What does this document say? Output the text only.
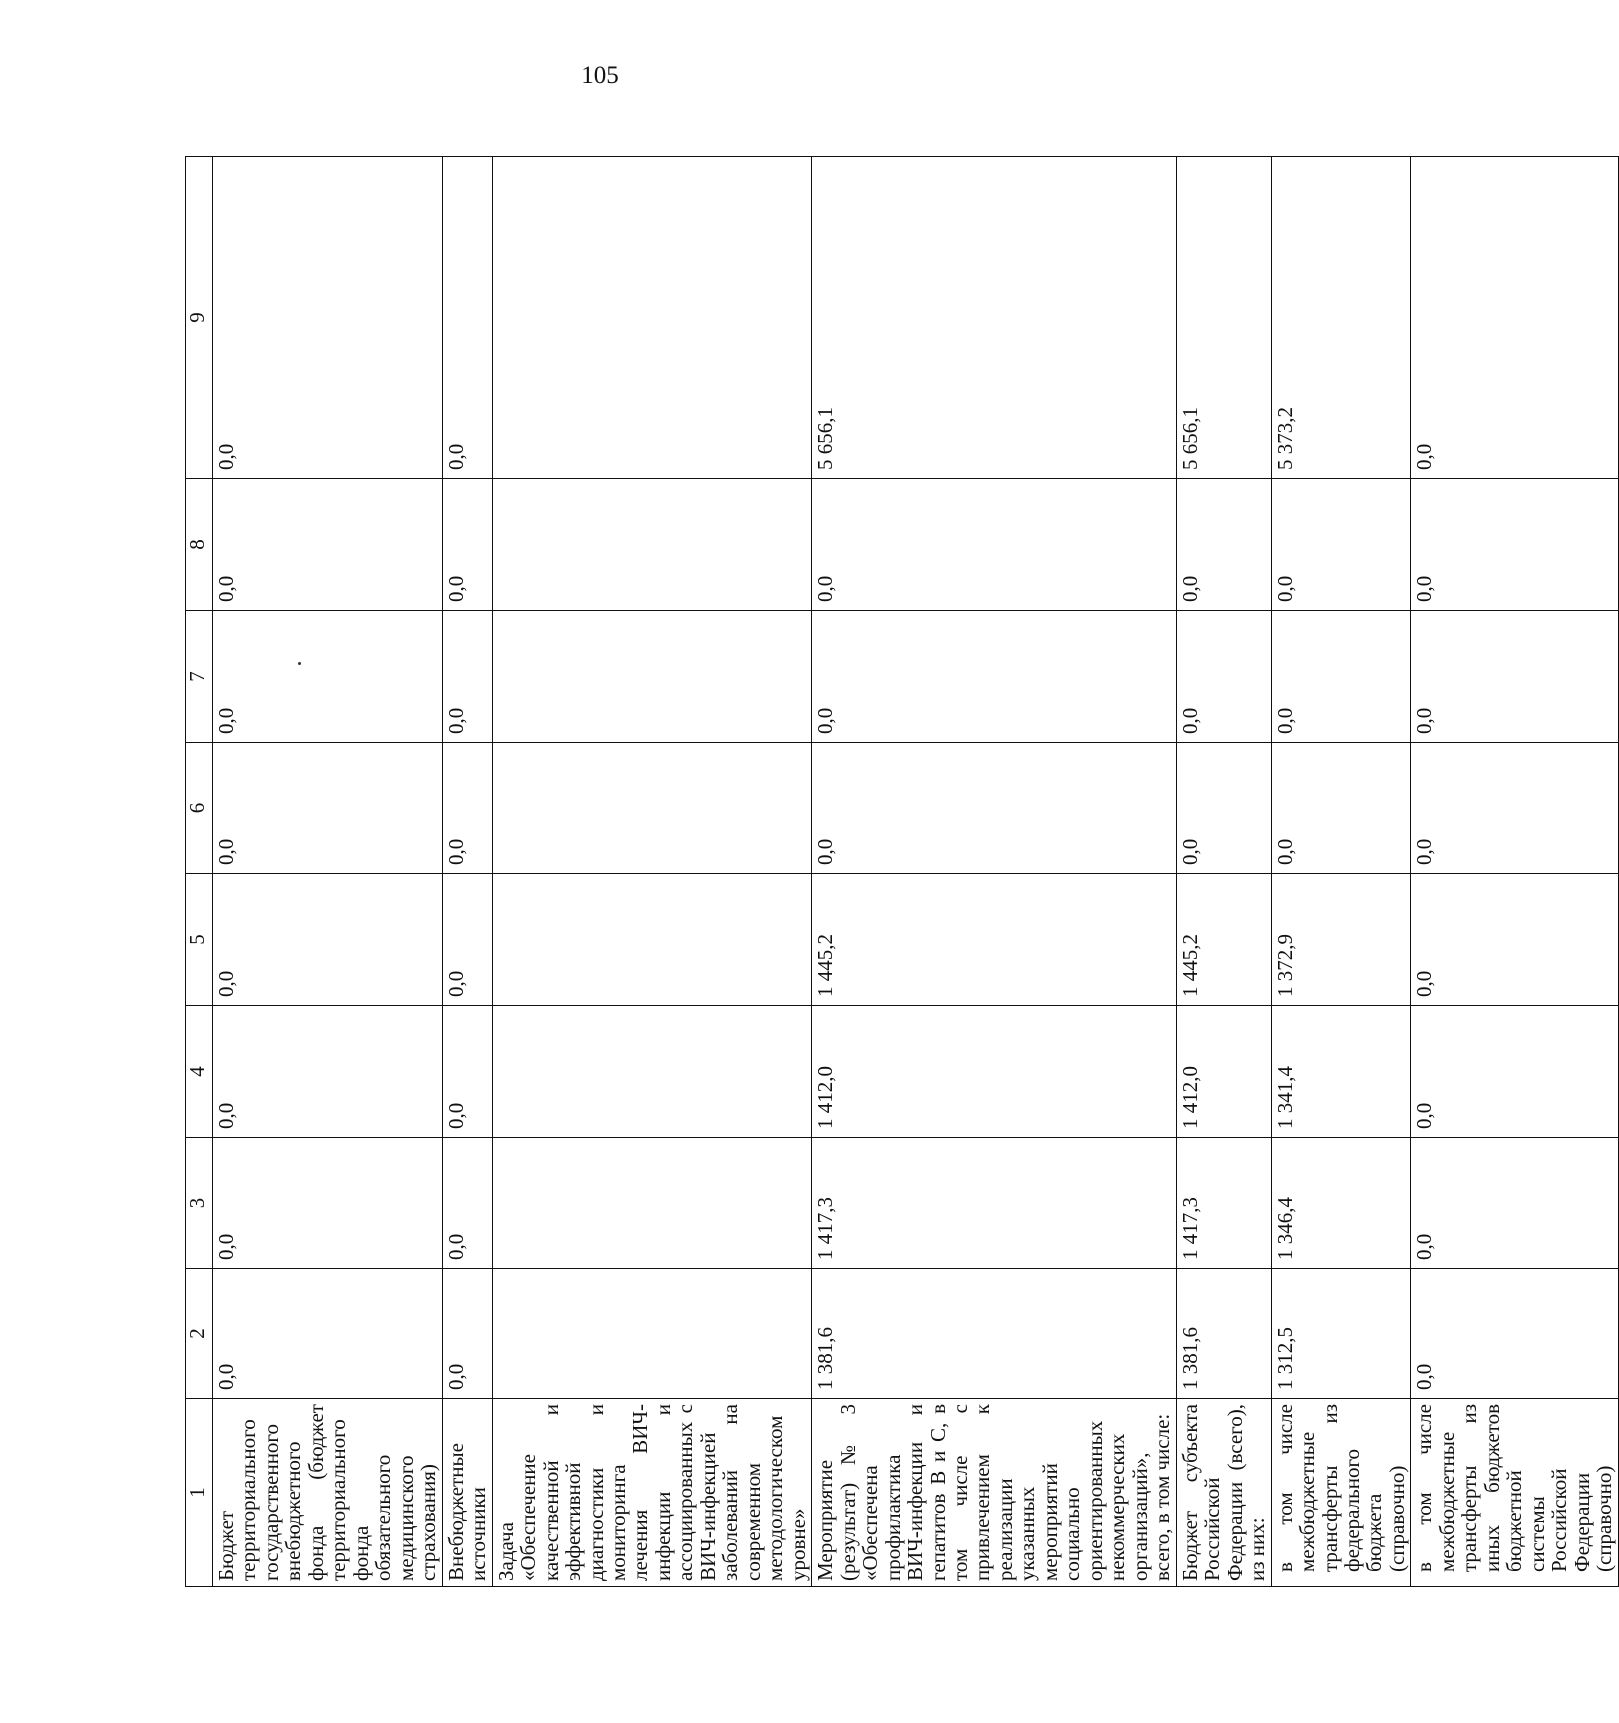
105
1	2	3	4	5	6	7	8	9
Бюджет территориального государственного внебюджетного фонда (бюджет территориального фонда обязательного медицинского страхования)	0,0	0,0	0,0	0,0	0,0	0,0	0,0	0,0
Внебюджетные источники	0,0	0,0	0,0	0,0	0,0	0,0	0,0	0,0
Задача «Обеспечение качественной и эффективной диагностики и мониторинга лечения ВИЧ-инфекции и ассоциированных с ВИЧ-инфекцией заболеваний на современном методологическом уровне»								
Мероприятие (результат) № 3 «Обеспечена профилактика ВИЧ-инфекции и гепатитов В и С, в том числе с привлечением к реализации указанных мероприятий социально ориентированных некоммерческих организаций», всего, в том числе:	1 381,6	1 417,3	1 412,0	1 445,2	0,0	0,0	0,0	5 656,1
Бюджет субъекта Российской Федерации (всего), из них:	1 381,6	1 417,3	1 412,0	1 445,2	0,0	0,0	0,0	5 656,1
в том числе межбюджетные трансферты из федерального бюджета (справочно)	1 312,5	1 346,4	1 341,4	1 372,9	0,0	0,0	0,0	5 373,2
в том числе межбюджетные трансферты из иных бюджетов бюджетной системы Российской Федерации (справочно)	0,0	0,0	0,0	0,0	0,0	0,0	0,0	0,0
